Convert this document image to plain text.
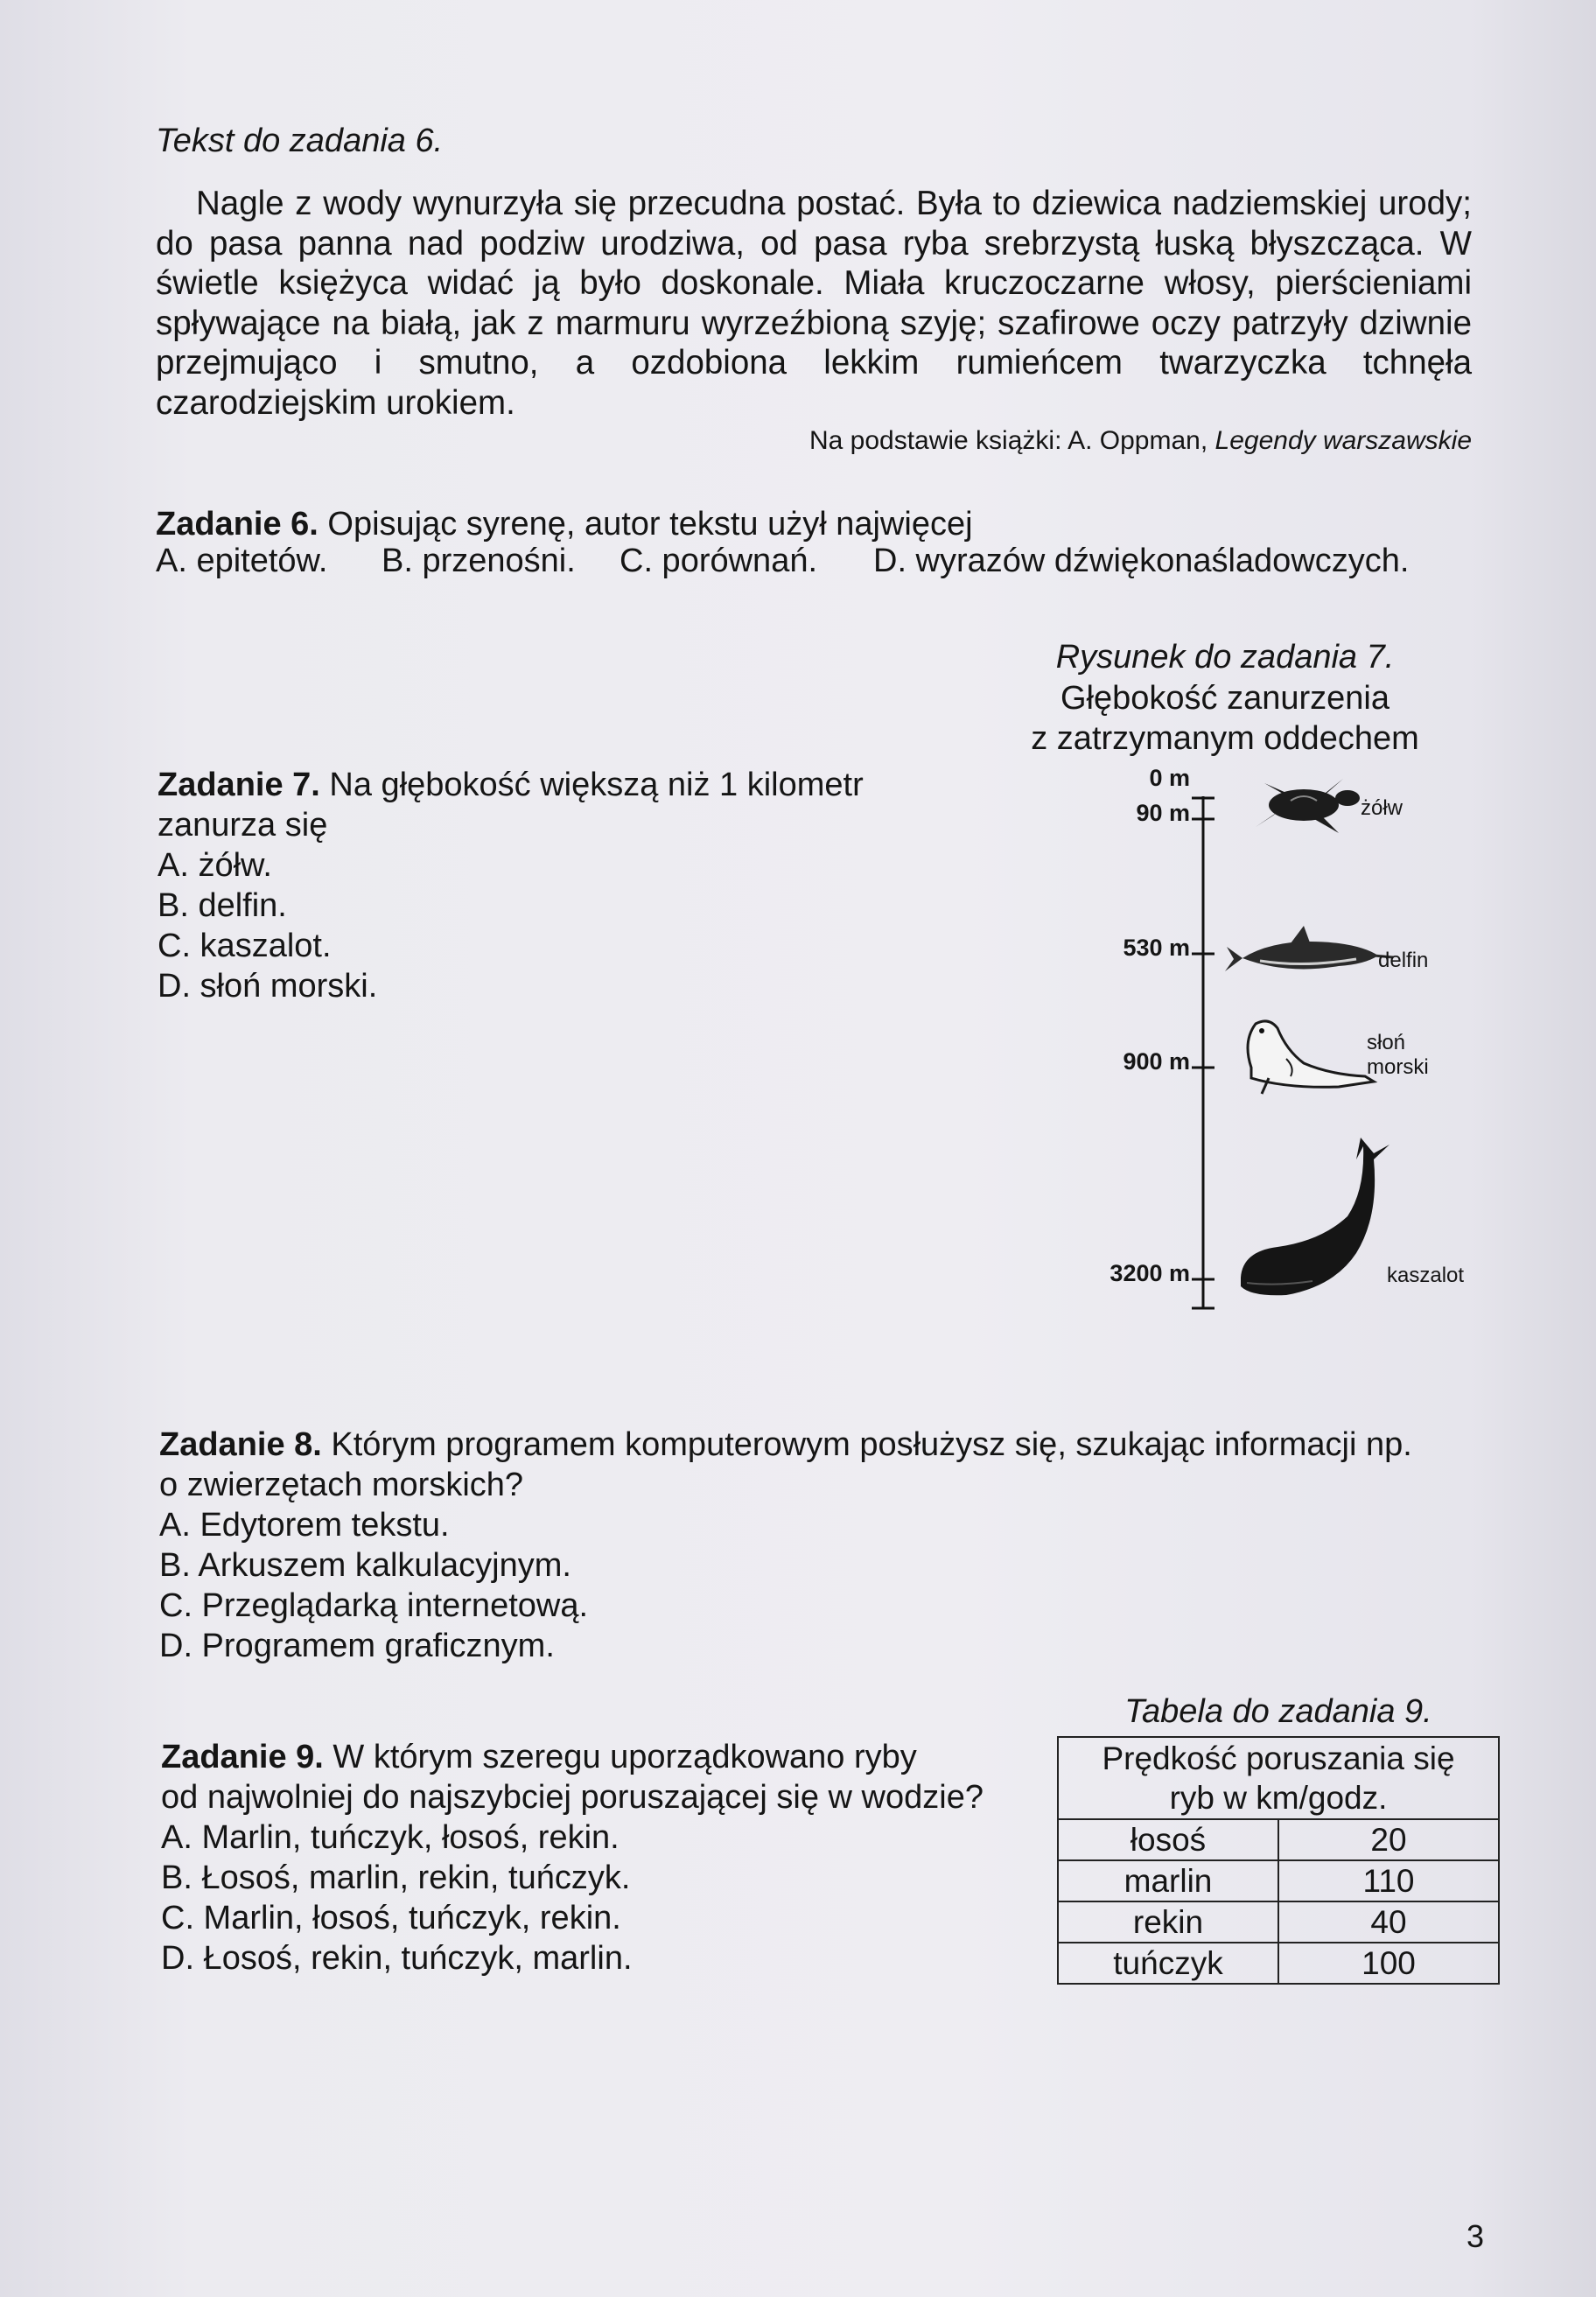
Tekst do zadania 6.

Nagle z wody wynurzyła się przecudna postać. Była to dziewica nadziemskiej urody; do pasa panna nad podziw urodziwa, od pasa ryba srebrzystą łuską błyszcząca. W świetle księżyca widać ją było doskonale. Miała kruczoczarne włosy, pierścieniami spływające na białą, jak z marmuru wyrzeźbioną szyję; szafirowe oczy patrzyły dziwnie przejmująco i smutno, a ozdobiona lekkim rumieńcem twarzyczka tchnęła czarodziejskim urokiem.

Na podstawie książki: A. Oppman, Legendy warszawskie
Zadanie 6. Opisując syrenę, autor tekstu użył najwięcej
A. epitetów. B. przenośni. C. porównań. D. wyrazów dźwiękonaśladowczych.
Zadanie 7. Na głębokość większą niż 1 kilometr
zanurza się
A. żółw.
B. delfin.
C. kaszalot.
D. słoń morski.
Rysunek do zadania 7.
Głębokość zanurzenia
z zatrzymanym oddechem
0 m
90 m
530 m
900 m
3200 m
żółw
delfin
słoń
morski
kaszalot
Zadanie 8. Którym programem komputerowym posłużysz się, szukając informacji np.
o zwierzętach morskich?
A. Edytorem tekstu.
B. Arkuszem kalkulacyjnym.
C. Przeglądarką internetową.
D. Programem graficznym.
Tabela do zadania 9.
Zadanie 9. W którym szeregu uporządkowano ryby
od najwolniej do najszybciej poruszającej się w wodzie?
A. Marlin, tuńczyk, łosoś, rekin.
B. Łosoś, marlin, rekin, tuńczyk.
C. Marlin, łosoś, tuńczyk, rekin.
D. Łosoś, rekin, tuńczyk, marlin.
Prędkość poruszania się
ryb w km/godz.	

łosoś	20
marlin	110
rekin	40
tuńczyk	100
3
